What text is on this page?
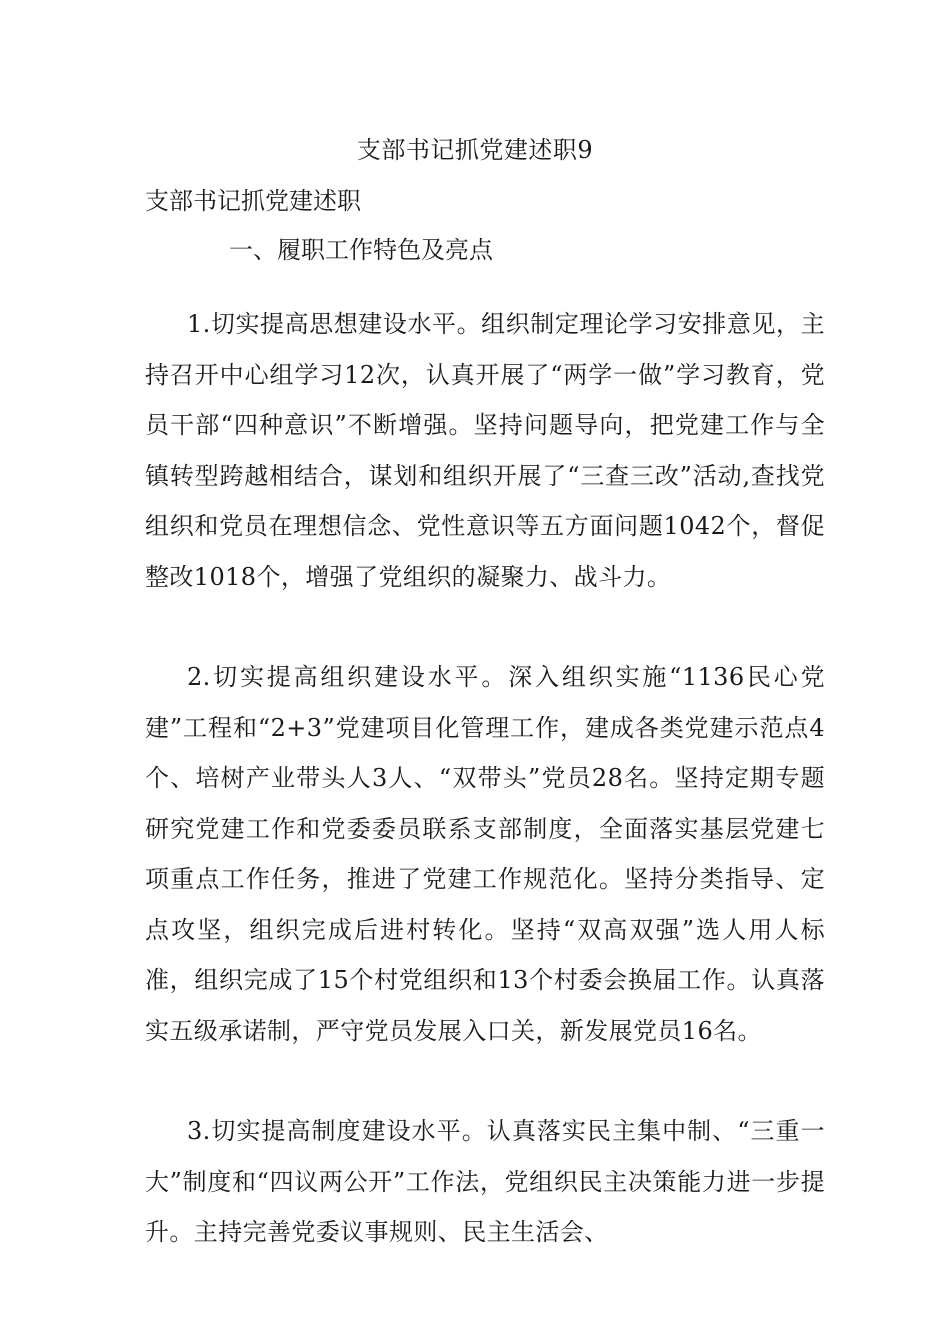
支部书记抓党建述职9
支部书记抓党建述职
一、履职工作特色及亮点

1.切实提高思想建设水平。组织制定理论学习安排意见，主持召开中心组学习12次，认真开展了“两学一做”学习教育，党员干部“四种意识”不断增强。坚持问题导向，把党建工作与全镇转型跨越相结合，谋划和组织开展了“三查三改”活动,查找党组织和党员在理想信念、党性意识等五方面问题1042个，督促整改1018个，增强了党组织的凝聚力、战斗力。

2.切实提高组织建设水平。深入组织实施“1136民心党建”工程和“2+3”党建项目化管理工作，建成各类党建示范点4个、培树产业带头人3人、“双带头”党员28名。坚持定期专题研究党建工作和党委委员联系支部制度，全面落实基层党建七项重点工作任务，推进了党建工作规范化。坚持分类指导、定点攻坚，组织完成后进村转化。坚持“双高双强”选人用人标准，组织完成了15个村党组织和13个村委会换届工作。认真落实五级承诺制，严守党员发展入口关，新发展党员16名。

3.切实提高制度建设水平。认真落实民主集中制、“三重一大”制度和“四议两公开”工作法，党组织民主决策能力进一步提升。主持完善党委议事规则、民主生活会、
